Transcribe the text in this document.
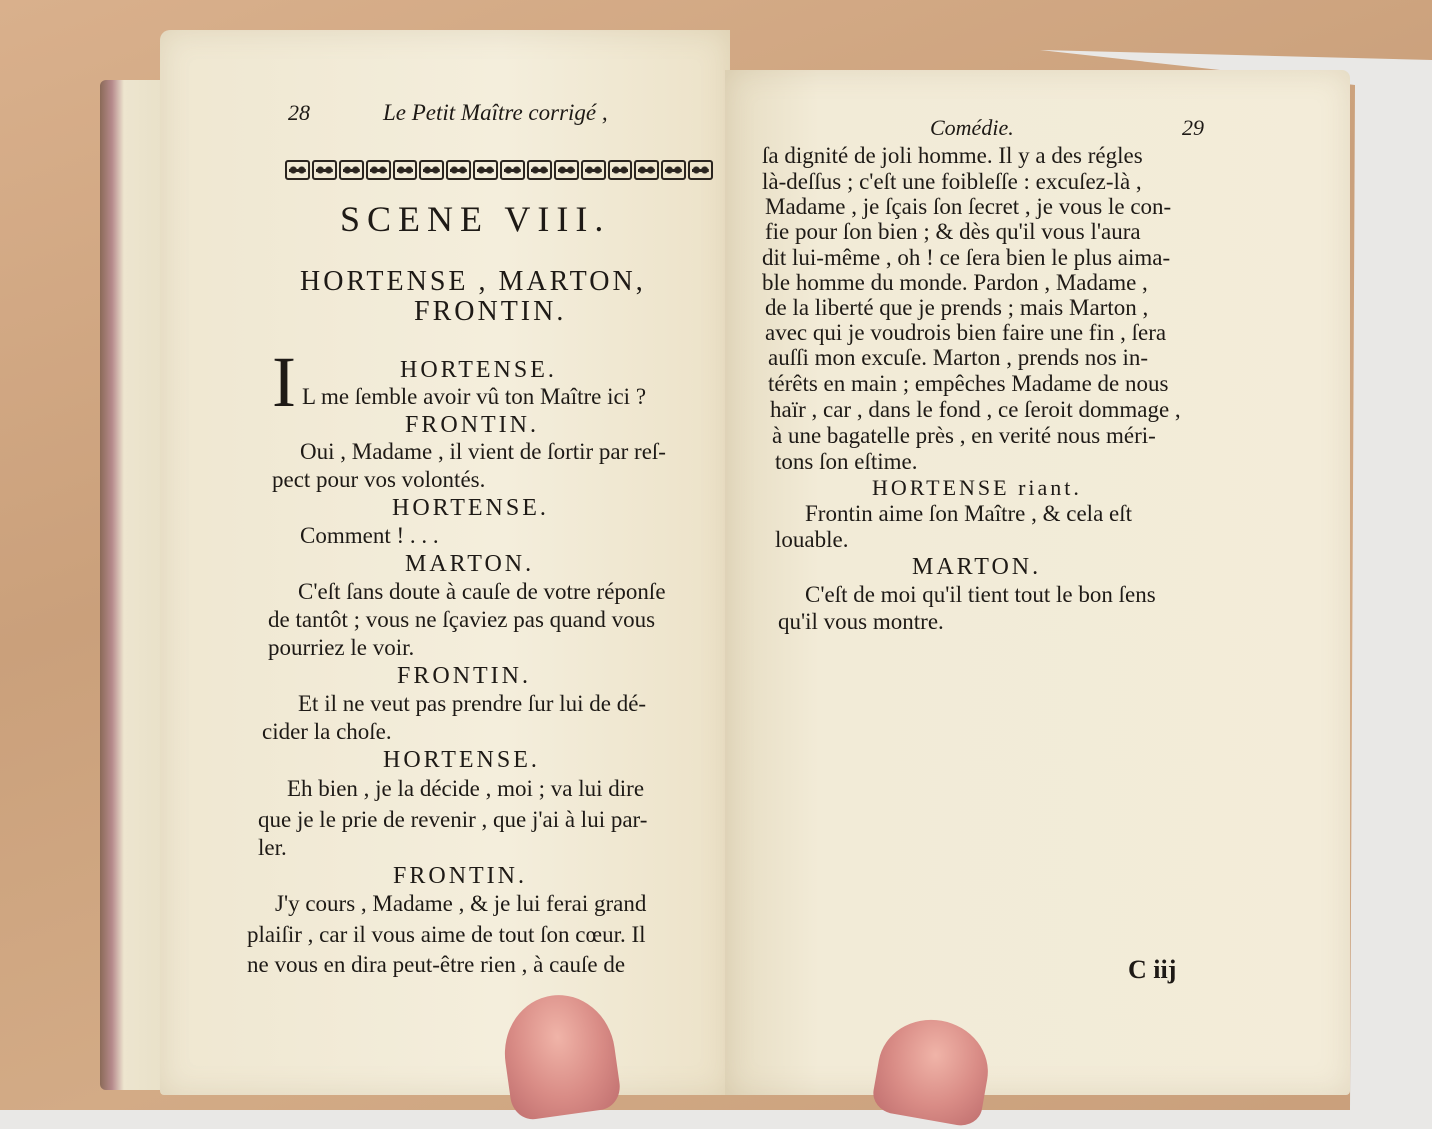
28	Le Petit Maître corrigé ,
SCENE VIII.
HORTENSE , MARTON,
FRONTIN.
I	HORTENSE.
L me ſemble avoir vû ton Maître ici ?
FRONTIN.
Oui , Madame , il vient de ſortir par reſ-
pect pour vos volontés.
HORTENSE.
Comment ! . . .
MARTON.
C'eſt ſans doute à cauſe de votre réponſe
de tantôt ; vous ne ſçaviez pas quand vous
pourriez le voir.
FRONTIN.
Et il ne veut pas prendre ſur lui de dé-
cider la choſe.
HORTENSE.
Eh bien , je la décide , moi ; va lui dire
que je le prie de revenir , que j'ai à lui par-
ler.
FRONTIN.
J'y cours , Madame , & je lui ferai grand
plaiſir , car il vous aime de tout ſon cœur. Il
ne vous en dira peut-être rien , à cauſe de
Comédie.	29
ſa dignité de joli homme. Il y a des régles
là-deſſus ; c'eſt une foibleſſe : excuſez-là ,
Madame , je ſçais ſon ſecret , je vous le con-
fie pour ſon bien ; & dès qu'il vous l'aura
dit lui-même , oh ! ce ſera bien le plus aima-
ble homme du monde. Pardon , Madame ,
de la liberté que je prends ; mais Marton ,
avec qui je voudrois bien faire une fin , ſera
auſſi mon excuſe. Marton , prends nos in-
térêts en main ; empêches Madame de nous
haïr , car , dans le fond , ce ſeroit dommage ,
à une bagatelle près , en verité nous méri-
tons ſon eſtime.
HORTENSE riant.
Frontin aime ſon Maître , & cela eſt
louable.
MARTON.
C'eſt de moi qu'il tient tout le bon ſens
qu'il vous montre.
C iij
